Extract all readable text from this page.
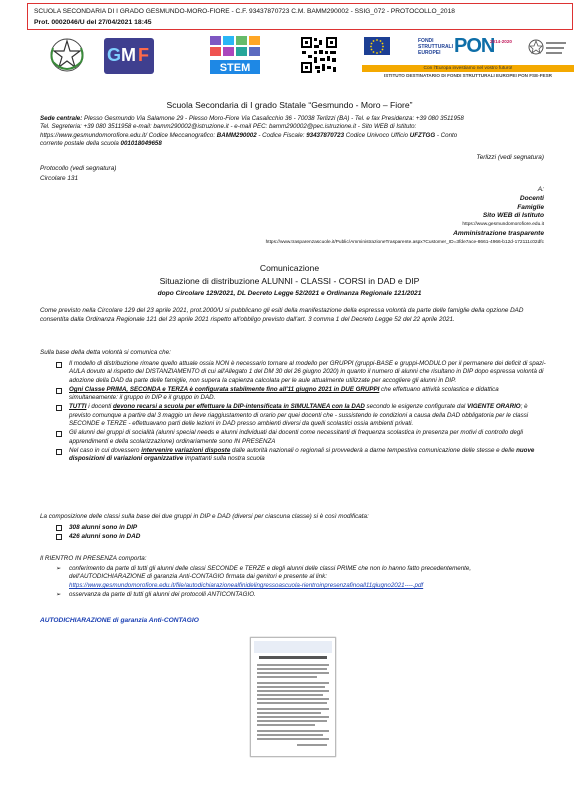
SCUOLA SECONDARIA DI I GRADO GESMUNDO-MORO-FIORE - C.F. 93437870723 C.M. BAMM290002 - SSIG_072 - PROTOCOLLO_2018
Prot. 0002046/U del 27/04/2021 18:45
G M F
STEM
FONDI STRUTTURALI EUROPEI PON
2014-2020
Con l'Europa investiamo nel vostro futuro!
ISTITUTO DESTINATARIO DI FONDI STRUTTURALI EUROPEI PON FSE-FESR
Scuola Secondaria di I grado Statale “Gesmundo - Moro – Fiore”
Sede centrale: Plesso Gesmundo Via Salamone 29 - Plesso Moro-Fiore Via Casalicchio 36 - 70038 Terlizzi (BA) - Tel. e fax Presidenza: +39 080 3511958
Tel. Segreteria: +39 080 3511958 e-mail: bamm290002@istruzione.it - e-mail PEC: bamm290002@pec.istruzione.it - Sito WEB di Istituto:
https://www.gesmundomorofiore.edu.it/ Codice Meccanografico: BAMM290002 - Codice Fiscale: 93437870723 Codice Univoco Ufficio UFZTGG - Conto
corrente postale della scuola 001018049658
Terlizzi (vedi segnatura)
Protocollo (vedi segnatura)
Circolare 131
A:
Docenti
Famiglie
Sito WEB di Istituto
https://www.gesmundomorofiore.edu.it
Amministrazione trasparente
https://www.trasparenzascuole.it/Public/AmministrazioneTrasparente.aspx?Customer_ID=3fde7ace-8661-4966-b12d-172111c02dfc
Comunicazione
Situazione di distribuzione ALUNNI - CLASSI - CORSI in DAD e DIP
dopo Circolare 129/2021, DL Decreto Legge 52/2021 e Ordinanza Regionale 121/2021
Come previsto nella Circolare 129 del 23 aprile 2021, prot.2000/U si pubblicano gli esiti della manifestazione della espressa volontà da parte delle famiglie della opzione DAD consentita dalla Ordinanza Regionale 121 del 23 aprile 2021 rispetto all'obbligo previsto dall'art. 3 comma 1 del Decreto Legge 52 del 22 aprile 2021.
Sulla base della detta volontà si comunica che:
Il modello di distribuzione rimane quello attuale ossia NON è necessario tornare al modello per GRUPPI (gruppi-BASE e gruppi-MODULO per il permanere dei deficit di spazi-AULA dovuto al rispetto del DISTANZIAMENTO di cui all'Allegato 1 del DM 30 del 26 giugno 2020) in quanto il numero di alunni che risultano in DIP dopo espressa volontà di adozione della DAD da parte delle famiglie, non supera la capienza calcolata per le aule attualmente utilizzate per accogliere gli alunni in DIP.
Ogni Classe PRIMA, SECONDA e TERZA è configurata stabilmente fino all'11 giugno 2021 in DUE GRUPPI che effettuano attività scolastica e didattica simultaneamente: il gruppo in DIP e il gruppo in DAD.
TUTTI i docenti devono recarsi a scuola per effettuare la DIP-intensificata in SIMULTANEA con la DAD secondo le esigenze configurate dal VIGENTE ORARIO; è previsto comunque a partire dal 3 maggio un lieve riaggiustamento di orario per quei docenti che - sussistendo le condizioni a causa della DAD obbligatoria per le classi SECONDE e TERZE - effettuavano parti delle lezioni in DAD presso ambienti diversi da quelli scolastici ossia ambienti privati.
Gli alunni dei gruppi di socialità (alunni special needs e alunni individuati dai docenti come necessitanti di frequenza scolastica in presenza per motivi di controllo degli apprendimenti e della scolarizzazione) ordinariamente sono IN PRESENZA
Nel caso in cui dovessero intervenire variazioni disposte dalle autorità nazionali o regionali si provvederà a darne tempestiva comunicazione delle stesse e delle nuove disposizioni di variazioni organizzative impattanti sulla nostra scuola
La composizione delle classi sulla base dei due gruppi in DIP e DAD (diversi per ciascuna classe) si è così modificata:
308 alunni sono in DIP
426 alunni sono in DAD
Il RIENTRO IN PRESENZA comporta:
➢ conferimento da parte di tutti gli alunni delle classi SECONDE e TERZE e degli alunni delle classi PRIME che non lo hanno fatto precedentemente, dell'AUTODICHIARAZIONE di garanzia Anti-CONTAGIO firmata dai genitori e presente al link:
https://www.gesmundomorofiore.edu.it/file/autodichiarazionealfinidelingressoascuola-rientroinpresenzafinoall11giugno2021----.pdf
➢ osservanza da parte di tutti gli alunni dei protocolli ANTICONTAGIO.
AUTODICHIARAZIONE di garanzia Anti-CONTAGIO
